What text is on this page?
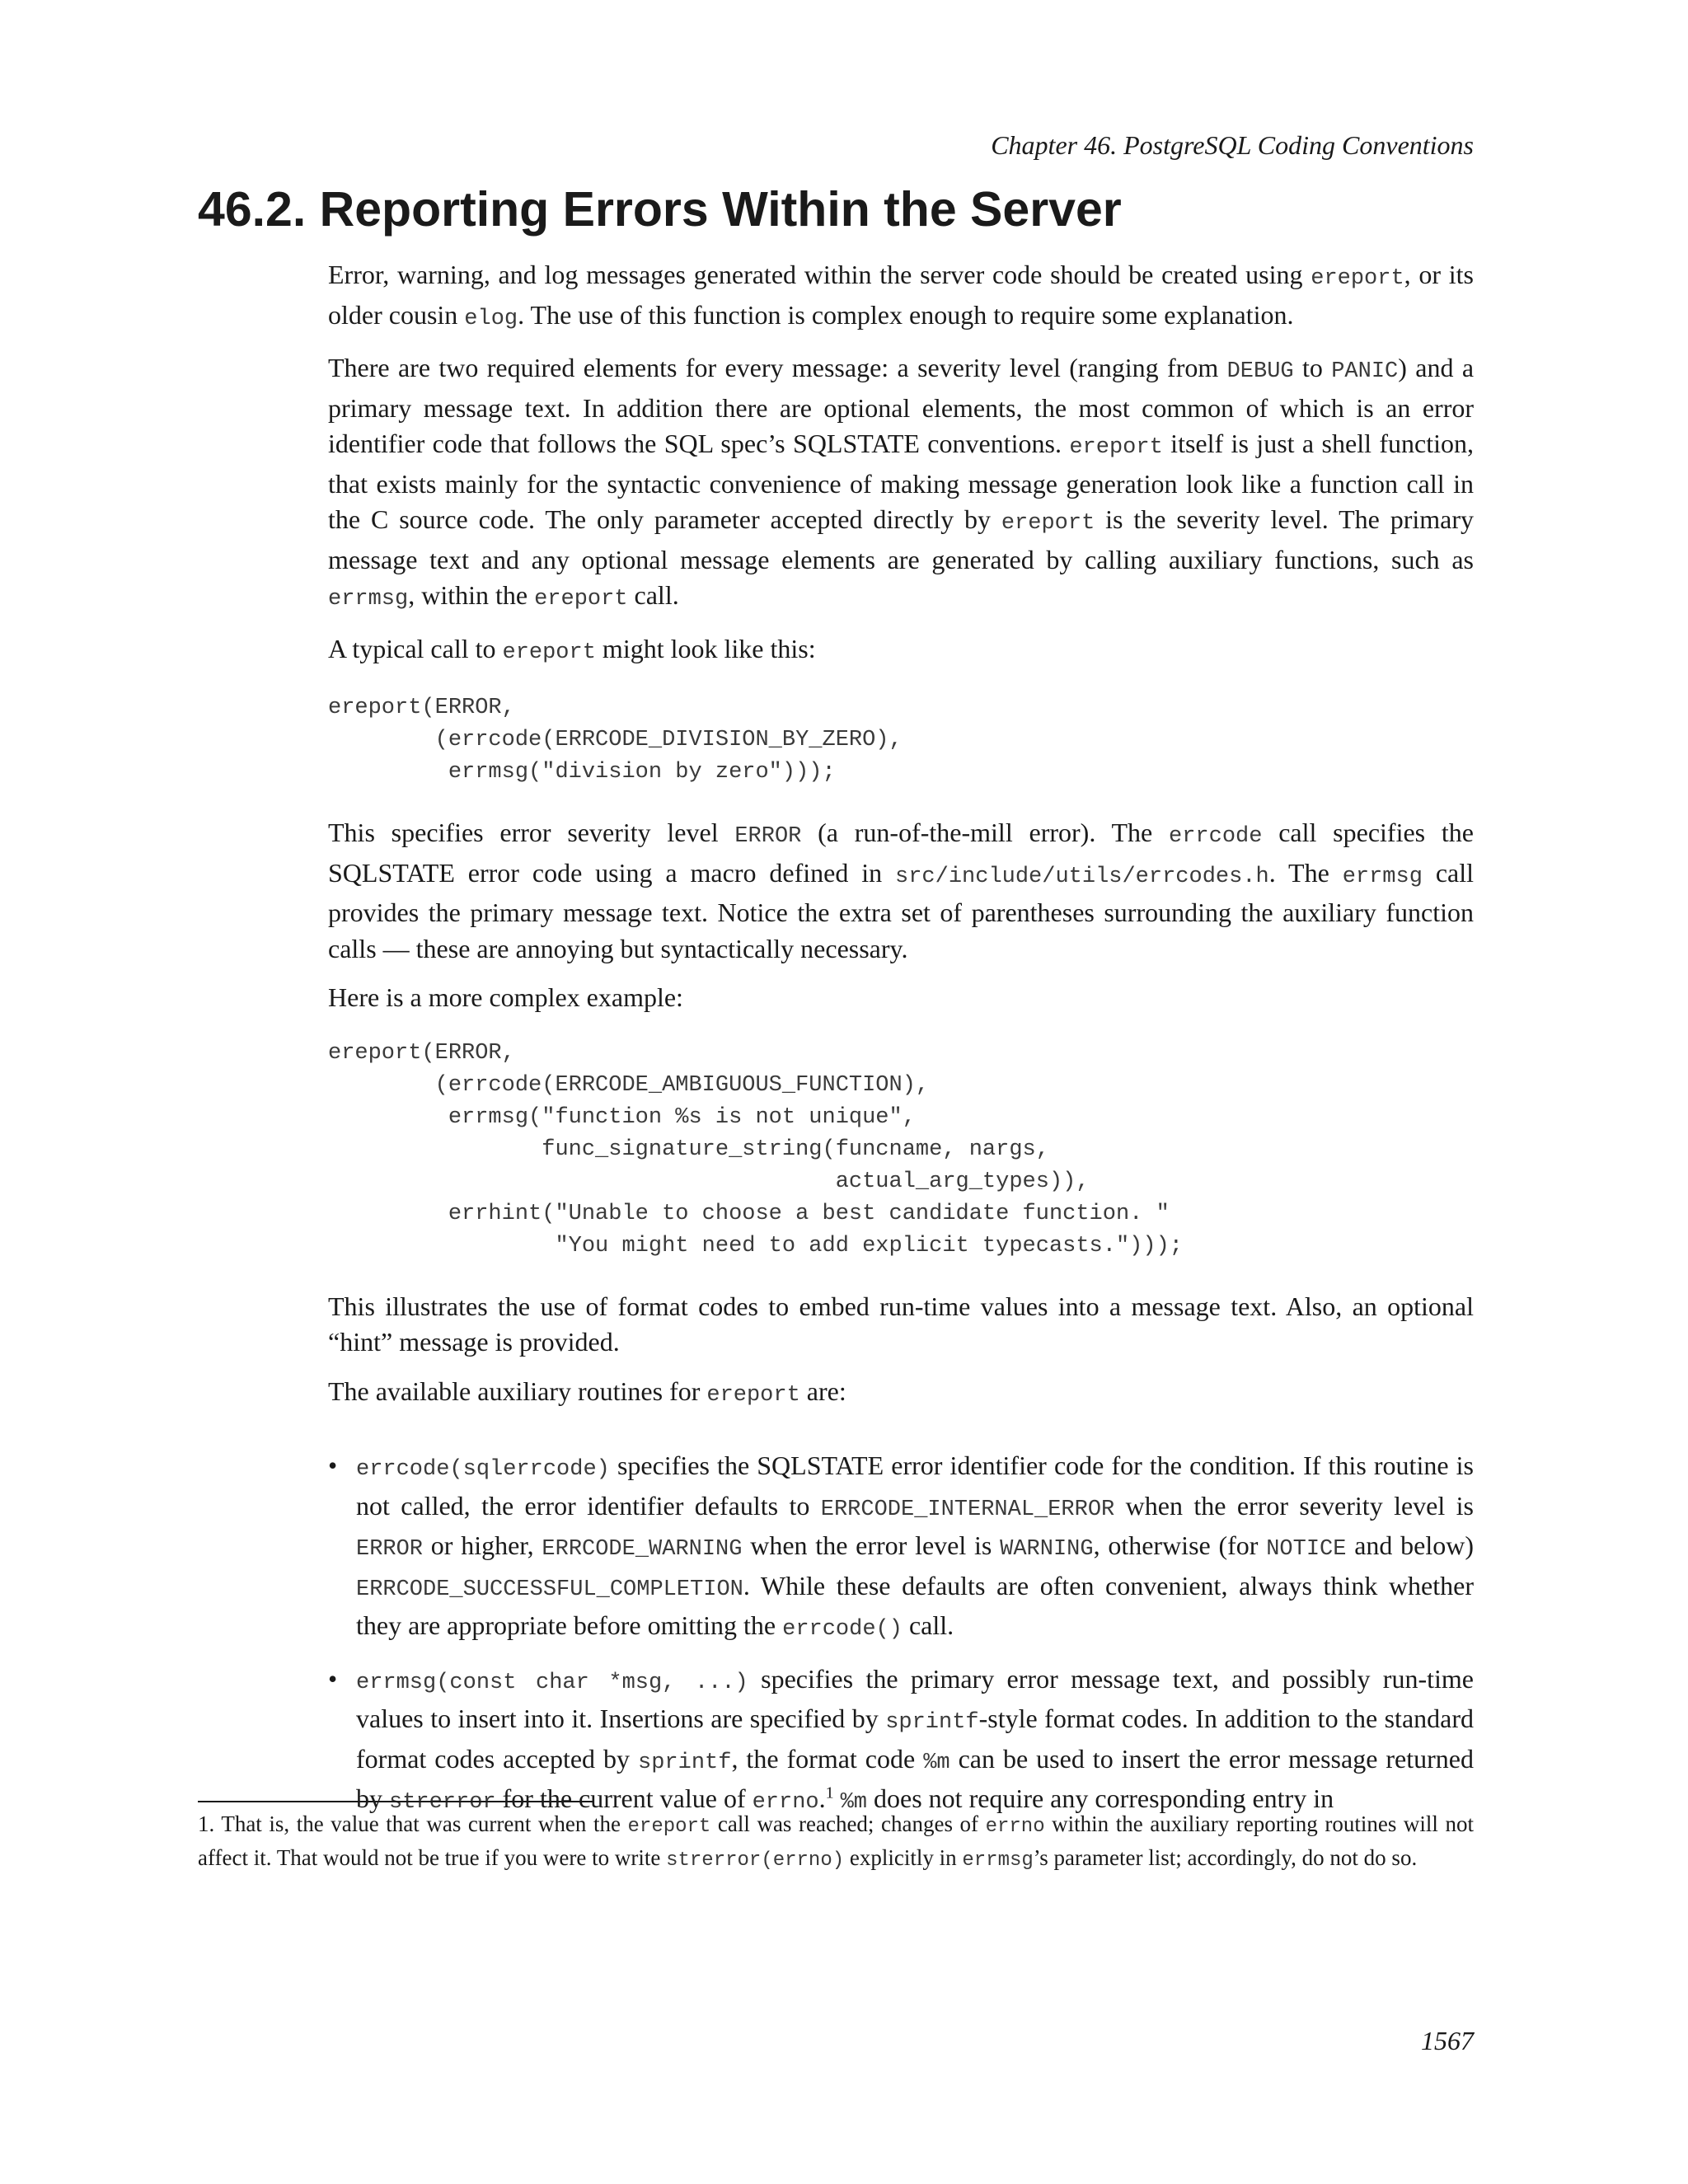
Chapter 46. PostgreSQL Coding Conventions
46.2. Reporting Errors Within the Server

Error, warning, and log messages generated within the server code should be created using ereport, or its older cousin elog. The use of this function is complex enough to require some explanation.

There are two required elements for every message: a severity level (ranging from DEBUG to PANIC) and a primary message text. In addition there are optional elements, the most common of which is an error identifier code that follows the SQL spec’s SQLSTATE conventions. ereport itself is just a shell function, that exists mainly for the syntactic convenience of making message generation look like a function call in the C source code. The only parameter accepted directly by ereport is the severity level. The primary message text and any optional message elements are generated by calling auxiliary functions, such as errmsg, within the ereport call.

A typical call to ereport might look like this:

ereport(ERROR,
(errcode(ERRCODE_DIVISION_BY_ZERO),
errmsg("division by zero")));

This specifies error severity level ERROR (a run-of-the-mill error). The errcode call specifies the SQLSTATE error code using a macro defined in src/include/utils/errcodes.h. The errmsg call provides the primary message text. Notice the extra set of parentheses surrounding the auxiliary function calls — these are annoying but syntactically necessary.

Here is a more complex example:

ereport(ERROR,
(errcode(ERRCODE_AMBIGUOUS_FUNCTION),
errmsg("function %s is not unique",
func_signature_string(funcname, nargs,
actual_arg_types)),
errhint("Unable to choose a best candidate function. "
"You might need to add explicit typecasts.")));

This illustrates the use of format codes to embed run-time values into a message text. Also, an optional “hint” message is provided.

The available auxiliary routines for ereport are:

• errcode(sqlerrcode) specifies the SQLSTATE error identifier code for the condition. If this routine is not called, the error identifier defaults to ERRCODE_INTERNAL_ERROR when the error severity level is ERROR or higher, ERRCODE_WARNING when the error level is WARNING, otherwise (for NOTICE and below) ERRCODE_SUCCESSFUL_COMPLETION. While these defaults are often convenient, always think whether they are appropriate before omitting the errcode() call.
• errmsg(const char *msg, ...) specifies the primary error message text, and possibly run-time values to insert into it. Insertions are specified by sprintf-style format codes. In addition to the standard format codes accepted by sprintf, the format code %m can be used to insert the error message returned by strerror for the current value of errno.$^1$ %m does not require any corresponding entry in

1. That is, the value that was current when the ereport call was reached; changes of errno within the auxiliary reporting routines will not affect it. That would not be true if you were to write strerror(errno) explicitly in errmsg’s parameter list; accordingly, do not do so.

1567
